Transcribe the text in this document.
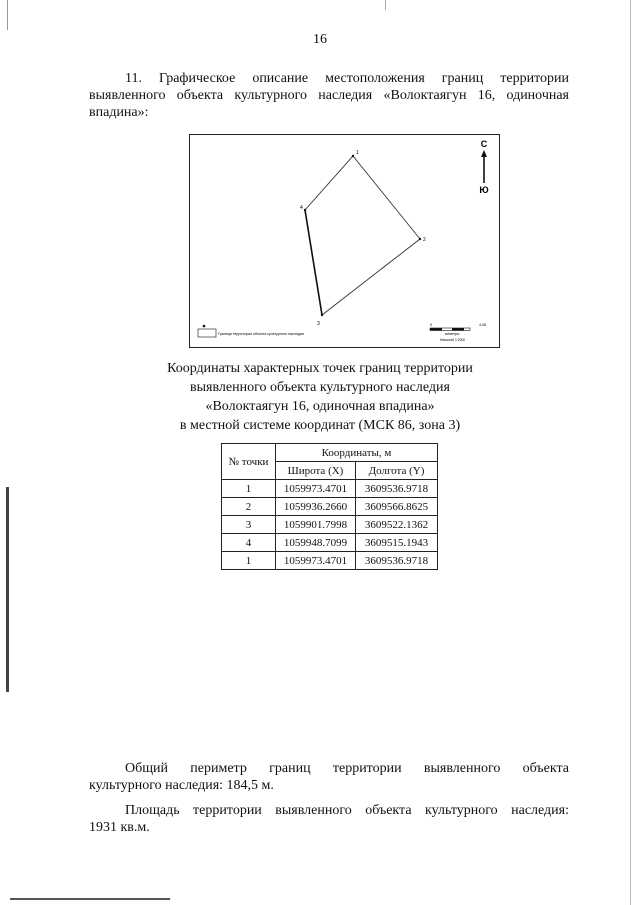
16
11. Графическое описание местоположения границ территории
выявленного объекта культурного наследия «Волоктаягун 16, одиночная
впадина»:
1
2
3
4
С
Ю
Граница территории объекта культурного наследия
0	4,08
км/метры
Масштаб 1:2000
Координаты характерных точек границ территории
выявленного объекта культурного наследия
«Волоктаягун 16, одиночная впадина»
в местной системе координат (МСК 86, зона 3)
№ точки	Координаты, м	
	Широта (X)	Долгота (Y)
1	1059973.4701	3609536.9718
2	1059936.2660	3609566.8625
3	1059901.7998	3609522.1362
4	1059948.7099	3609515.1943
1	1059973.4701	3609536.9718

Общий периметр границ территории выявленного объекта

культурного наследия: 184,5 м.

Площадь территории выявленного объекта культурного наследия:

1931 кв.м.
